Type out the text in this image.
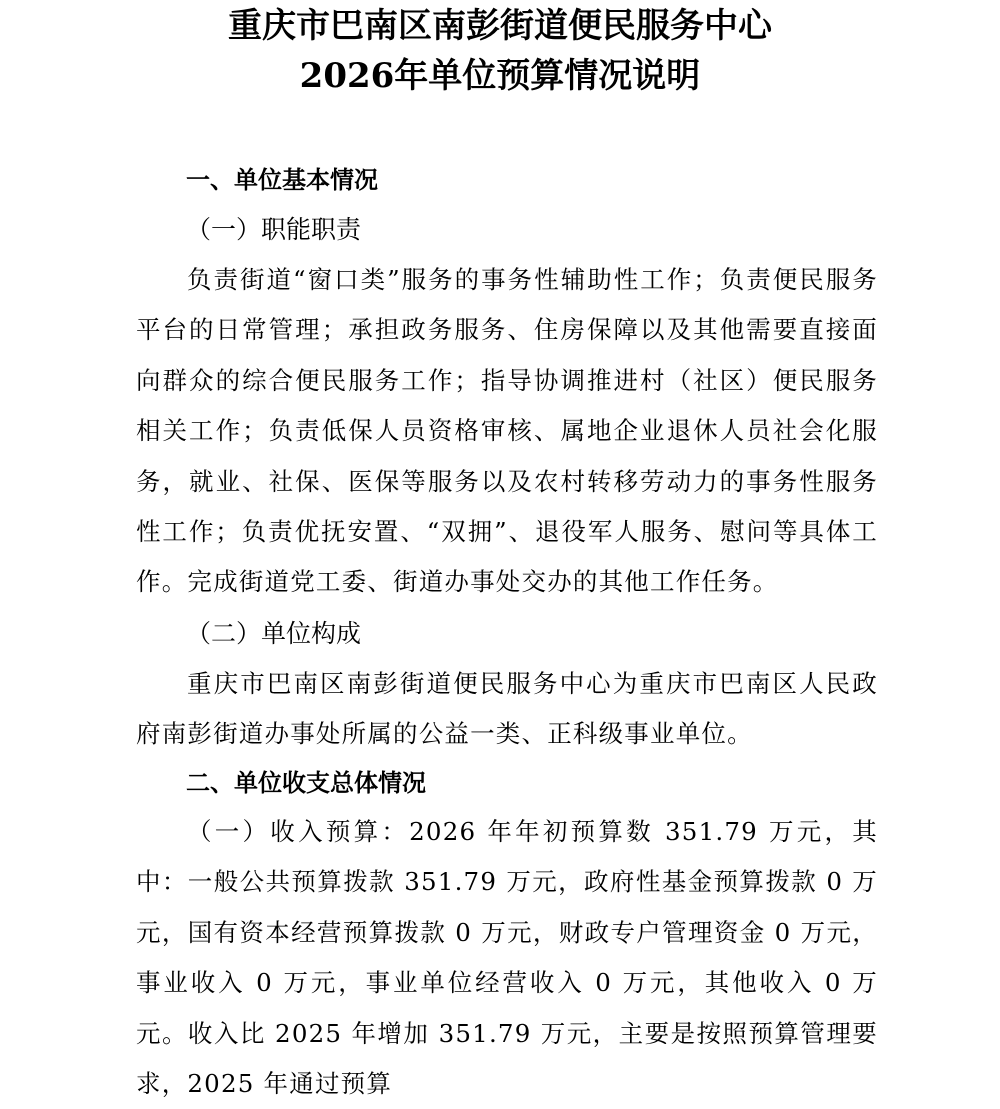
重庆市巴南区南彭街道便民服务中心
2026年单位预算情况说明
一、单位基本情况
（一）职能职责
负责街道“窗口类”服务的事务性辅助性工作；负责便民服务平台的日常管理；承担政务服务、住房保障以及其他需要直接面向群众的综合便民服务工作；指导协调推进村（社区）便民服务相关工作；负责低保人员资格审核、属地企业退休人员社会化服务，就业、社保、医保等服务以及农村转移劳动力的事务性服务性工作；负责优抚安置、“双拥”、退役军人服务、慰问等具体工作。完成街道党工委、街道办事处交办的其他工作任务。
（二）单位构成
重庆市巴南区南彭街道便民服务中心为重庆市巴南区人民政府南彭街道办事处所属的公益一类、正科级事业单位。
二、单位收支总体情况
（一）收入预算：2026 年年初预算数 351.79 万元，其中：一般公共预算拨款 351.79 万元，政府性基金预算拨款 0 万元，国有资本经营预算拨款 0 万元，财政专户管理资金 0 万元，事业收入 0 万元，事业单位经营收入 0 万元，其他收入 0 万元。收入比 2025 年增加 351.79 万元，主要是按照预算管理要求，2025 年通过预算
